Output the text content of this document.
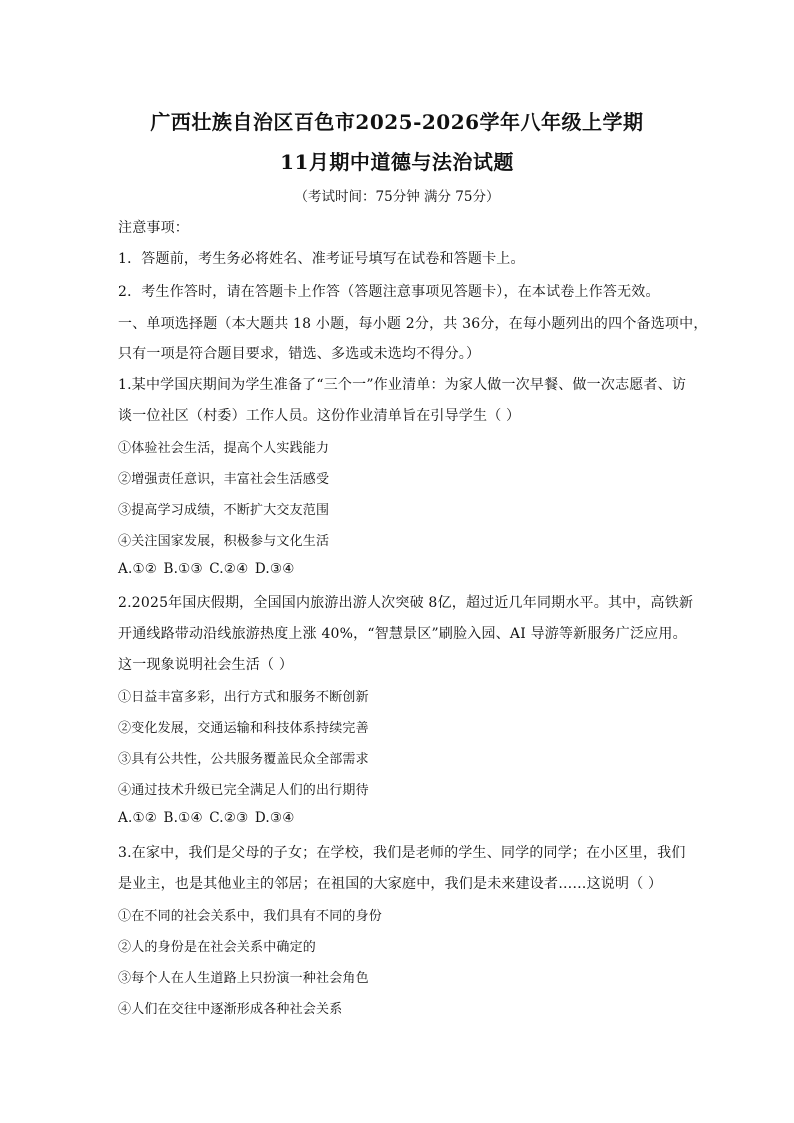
广西壮族自治区百色市2025-2026学年八年级上学期
11月期中道德与法治试题
（考试时间：75分钟 满分 75分）
注意事项：
1．答题前，考生务必将姓名、准考证号填写在试卷和答题卡上。
2．考生作答时，请在答题卡上作答（答题注意事项见答题卡），在本试卷上作答无效。
一、单项选择题（本大题共 18 小题，每小题 2分，共 36分，在每小题列出的四个备选项中，
只有一项是符合题目要求，错选、多选或未选均不得分。）
1.某中学国庆期间为学生准备了“三个一”作业清单：为家人做一次早餐、做一次志愿者、访
谈一位社区（村委）工作人员。这份作业清单旨在引导学生（ ）
①体验社会生活，提高个人实践能力
②增强责任意识，丰富社会生活感受
③提高学习成绩，不断扩大交友范围
④关注国家发展，积极参与文化生活
A.①② B.①③ C.②④ D.③④
2.2025年国庆假期，全国国内旅游出游人次突破 8亿，超过近几年同期水平。其中，高铁新
开通线路带动沿线旅游热度上涨 40%，“智慧景区”刷脸入园、AI 导游等新服务广泛应用。
这一现象说明社会生活（ ）
①日益丰富多彩，出行方式和服务不断创新
②变化发展，交通运输和科技体系持续完善
③具有公共性，公共服务覆盖民众全部需求
④通过技术升级已完全满足人们的出行期待
A.①② B.①④ C.②③ D.③④
3.在家中，我们是父母的子女；在学校，我们是老师的学生、同学的同学；在小区里，我们
是业主，也是其他业主的邻居；在祖国的大家庭中，我们是未来建设者……这说明（ ）
①在不同的社会关系中，我们具有不同的身份
②人的身份是在社会关系中确定的
③每个人在人生道路上只扮演一种社会角色
④人们在交往中逐渐形成各种社会关系
